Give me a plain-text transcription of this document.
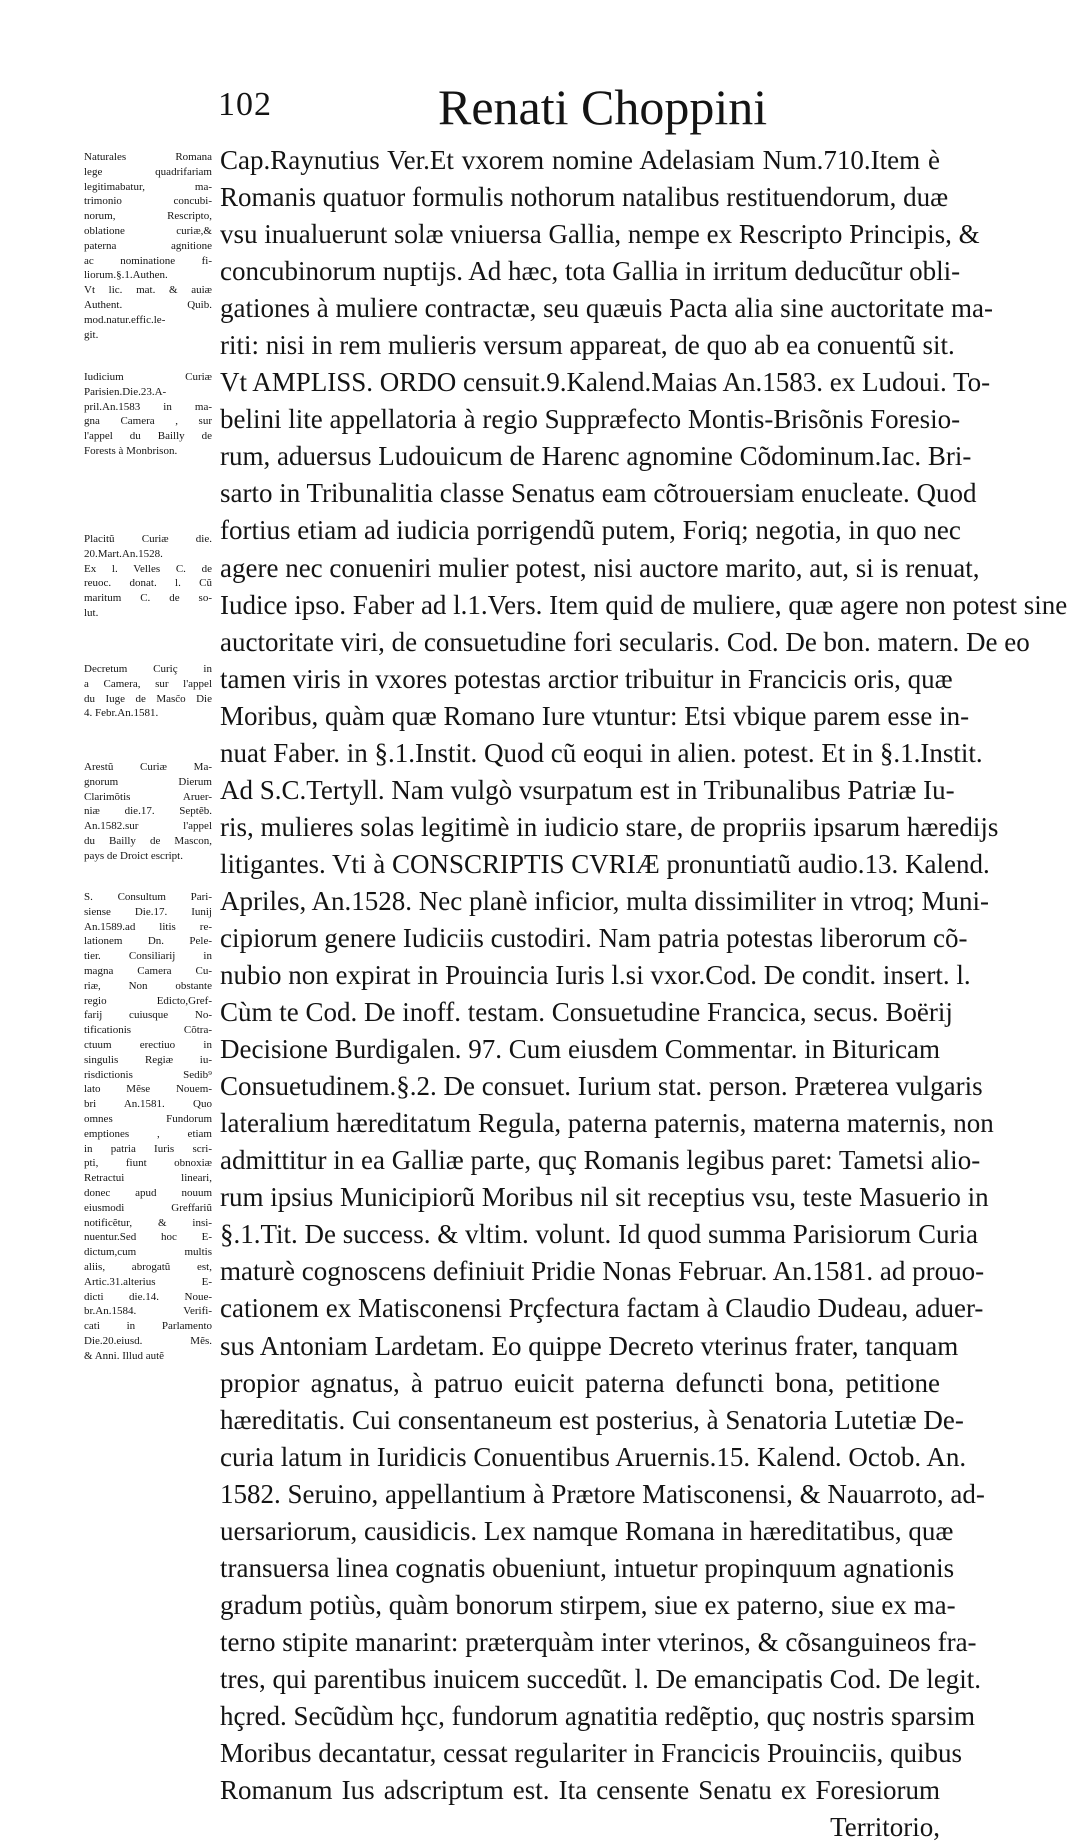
102	Renati Choppini
Naturales Romana
lege quadrifariam
legitimabatur, ma-
trimonio concubi-
norum, Rescripto,
oblatione curiæ,&
paterna agnitione
ac nominatione fi-
liorum.§.1.Authen.
Vt lic. mat. & auiæ
Authent. Quib.
mod.natur.effic.le-
git.
Iudicium Curiæ
Parisien.Die.23.A-
pril.An.1583 in ma-
gna Camera , sur
l'appel du Bailly de
Forests à Monbrison.
Placitũ Curiæ die.
20.Mart.An.1528.
Ex l. Velles C. de
reuoc. donat. l. Cũ
maritum C. de so-
lut.
Decretum Curiç in
a Camera, sur l'appel
du Iuge de Masc̃o Die
4. Febr.An.1581.
Arestũ Curiæ Ma-
gnorum Dierum
Clarimõtis Aruer-
niæ die.17. Septẽb.
An.1582.sur l'appel
du Bailly de Mascon,
pays de Droict escript.
S. Consultum Pari-
siense Die.17. Iunij
An.1589.ad litis re-
lationem Dn. Pele-
tier. Consiliarij in
magna Camera Cu-
riæ, Non obstante
regio Edicto,Gref-
farij cuiusque No-
tificationis Cõtra-
ctuum erectiuo in
singulis Regiæ iu-
risdictionis Sedib⁹
lato Mẽse Nouem-
bri An.1581. Quo
omnes Fundorum
emptiones , etiam
in patria Iuris scri-
pti, fiunt obnoxiæ
Retractui lineari,
donec apud nouum
eiusmodi Greffariũ
notificẽtur, & insi-
nuentur.Sed hoc E-
dictum,cum multis
aliis, abrogatũ est,
Artic.31.alterius E-
dicti die.14. Noue-
br.An.1584. Verifi-
cati in Parlamento
Die.20.eiusd. Mẽs.
& Anni. Illud autẽ
Cap.Raynutius Ver.Et vxorem nomine Adelasiam Num.710.Item è
Romanis quatuor formulis nothorum natalibus restituendorum, duæ
vsu inualuerunt solæ vniuersa Gallia, nempe ex Rescripto Principis, &
concubinorum nuptijs. Ad hæc, tota Gallia in irritum deducũtur obli-
gationes à muliere contractæ, seu quæuis Pacta alia sine auctoritate ma-
riti: nisi in rem mulieris versum appareat, de quo ab ea conuentũ sit.
Vt AMPLISS. ORDO censuit.9.Kalend.Maias An.1583. ex Ludoui. To-
belini lite appellatoria à regio Suppræfecto Montis-Brisõnis Foresio-
rum, aduersus Ludouicum de Harenc agnomine Cõdominum.Iac. Bri-
sarto in Tribunalitia classe Senatus eam cõtrouersiam enucleate. Quod
fortius etiam ad iudicia porrigendũ putem, Foriq; negotia, in quo nec
agere nec conueniri mulier potest, nisi auctore marito, aut, si is renuat,
Iudice ipso. Faber ad l.1.Vers. Item quid de muliere, quæ agere non potest sine
auctoritate viri, de consuetudine fori secularis. Cod. De bon. matern. De eo
tamen viris in vxores potestas arctior tribuitur in Francicis oris, quæ
Moribus, quàm quæ Romano Iure vtuntur: Etsi vbique parem esse in-
nuat Faber. in §.1.Instit. Quod cũ eoqui in alien. potest. Et in §.1.Instit.
Ad S.C.Tertyll. Nam vulgò vsurpatum est in Tribunalibus Patriæ Iu-
ris, mulieres solas legitimè in iudicio stare, de propriis ipsarum hæredijs
litigantes. Vti à CONSCRIPTIS CVRIÆ pronuntiatũ audio.13. Kalend.
Apriles, An.1528. Nec planè inficior, multa dissimiliter in vtroq; Muni-
cipiorum genere Iudiciis custodiri. Nam patria potestas liberorum cõ-
nubio non expirat in Prouincia Iuris l.si vxor.Cod. De condit. insert. l.
Cùm te Cod. De inoff. testam. Consuetudine Francica, secus. Boërij
Decisione Burdigalen. 97. Cum eiusdem Commentar. in Bituricam
Consuetudinem.§.2. De consuet. Iurium stat. person. Præterea vulgaris
lateralium hæreditatum Regula, paterna paternis, materna maternis, non
admittitur in ea Galliæ parte, quç Romanis legibus paret: Tametsi alio-
rum ipsius Municipiorũ Moribus nil sit receptius vsu, teste Masuerio in
§.1.Tit. De success. & vltim. volunt. Id quod summa Parisiorum Curia
maturè cognoscens definiuit Pridie Nonas Februar. An.1581. ad prouo-
cationem ex Matisconensi Prçfectura factam à Claudio Dudeau, aduer-
sus Antoniam Lardetam. Eo quippe Decreto vterinus frater, tanquam
propior agnatus, à patruo euicit paterna defuncti bona, petitione
hæreditatis. Cui consentaneum est posterius, à Senatoria Lutetiæ De-
curia latum in Iuridicis Conuentibus Aruernis.15. Kalend. Octob. An.
1582. Seruino, appellantium à Prætore Matisconensi, & Nauarroto, ad-
uersariorum, causidicis. Lex namque Romana in hæreditatibus, quæ
transuersa linea cognatis obueniunt, intuetur propinquum agnationis
gradum potiùs, quàm bonorum stirpem, siue ex paterno, siue ex ma-
terno stipite manarint: præterquàm inter vterinos, & cõsanguineos fra-
tres, qui parentibus inuicem succedũt. l. De emancipatis Cod. De legit.
hçred. Secũdùm hçc, fundorum agnatitia redẽptio, quç nostris sparsim
Moribus decantatur, cessat regulariter in Francicis Prouinciis, quibus
Romanum Ius adscriptum est. Ita censente Senatu ex Foresiorum
Territorio,
